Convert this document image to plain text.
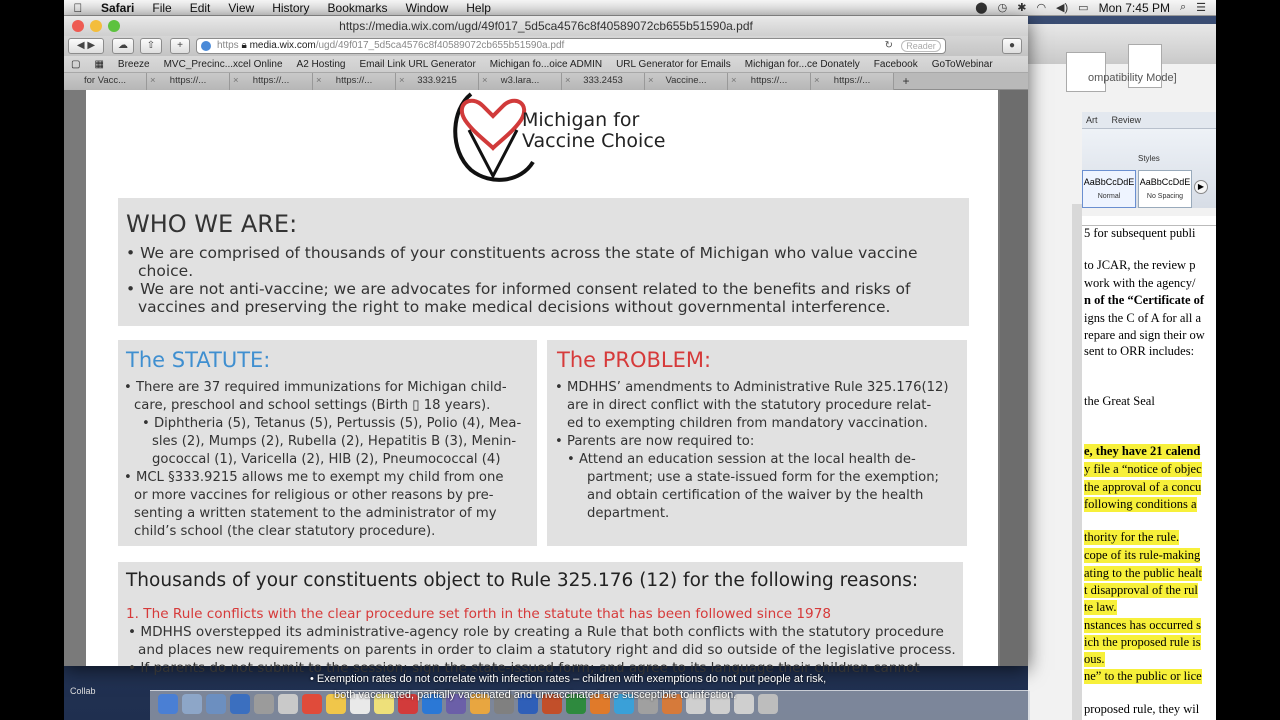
ompatibility Mode]
Art Review
Styles
AaBbCcDdE
Normal
AaBbCcDdE
No Spacing
▶
5 for subsequent publi
to JCAR, the review p
work with the agency/
n of the “Certificate of
igns the C of A for all a
repare and sign their ow
sent to ORR includes:
the Great Seal
e, they have 21 calend
y file a “notice of objec
the approval of a concu
following conditions a
thority for the rule.
cope of its rule-making
ating to the public healt
t disapproval of the rul
te law.
nstances has occurred s
ich the proposed rule is
ous.
ne” to the public or lice
proposed rule, they wil
Safari	File	Edit	View	History	Bookmarks	Window	Help	⬤ ◷ ✱ ◠ ◀) ▭ Mon 7:45 PM ⌕ ☰
https://media.wix.com/ugd/49f017_5d5ca4576c8f40589072cb655b51590a.pdf
◀ ▶	☁	⇧	+	https 🔒︎ media.wix.com/ugd/49f017_5d5ca4576c8f40589072cb655b51590a.pdf	↻	Reader	●
▢	▦	Breeze	MVC_Precinc...xcel Online	A2 Hosting	Email Link URL Generator	Michigan fo...oice ADMIN	URL Generator for Emails	Michigan for...ce Donately	Facebook	GoToWebinar
for Vacc...	× https://...	× https://...	× https://...	× 333.9215	× w3.lara...	× 333.2453	× Vaccine...	× https://...	× https://...	+
Michigan for
Vaccine Choice
WHO WE ARE:
• We are comprised of thousands of your constituents across the state of Michigan who value vaccine
choice.
• We are not anti-vaccine; we are advocates for informed consent related to the benefits and risks of
vaccines and preserving the right to make medical decisions without governmental interference.
The STATUTE:
• There are 37 required immunizations for Michigan child-
care, preschool and school settings (Birth ▯ 18 years).
• Diphtheria (5), Tetanus (5), Pertussis (5), Polio (4), Mea-
sles (2), Mumps (2), Rubella (2), Hepatitis B (3), Menin-
gococcal (1), Varicella (2), HIB (2), Pneumococcal (4)
• MCL §333.9215 allows me to exempt my child from one
or more vaccines for religious or other reasons by pre-
senting a written statement to the administrator of my
child’s school (the clear statutory procedure).
The PROBLEM:
• MDHHS’ amendments to Administrative Rule 325.176(12)
are in direct conflict with the statutory procedure relat-
ed to exempting children from mandatory vaccination.
• Parents are now required to:
• Attend an education session at the local health de-
partment; use a state-issued form for the exemption;
and obtain certification of the waiver by the health
department.
Thousands of your constituents object to Rule 325.176 (12) for the following reasons:
1. The Rule conflicts with the clear procedure set forth in the statute that has been followed since 1978
• MDHHS overstepped its administrative-agency role by creating a Rule that both conflicts with the statutory procedure
and places new requirements on parents in order to claim a statutory right and did so outside of the legislative process.
• If parents do not submit to the session; sign the state-issued form; and agree to its language their children cannot
Collab
• Exemption rates do not correlate with infection rates – children with exemptions do not put people at risk,
both vaccinated, partially vaccinated and unvaccinated are susceptible to infection.
